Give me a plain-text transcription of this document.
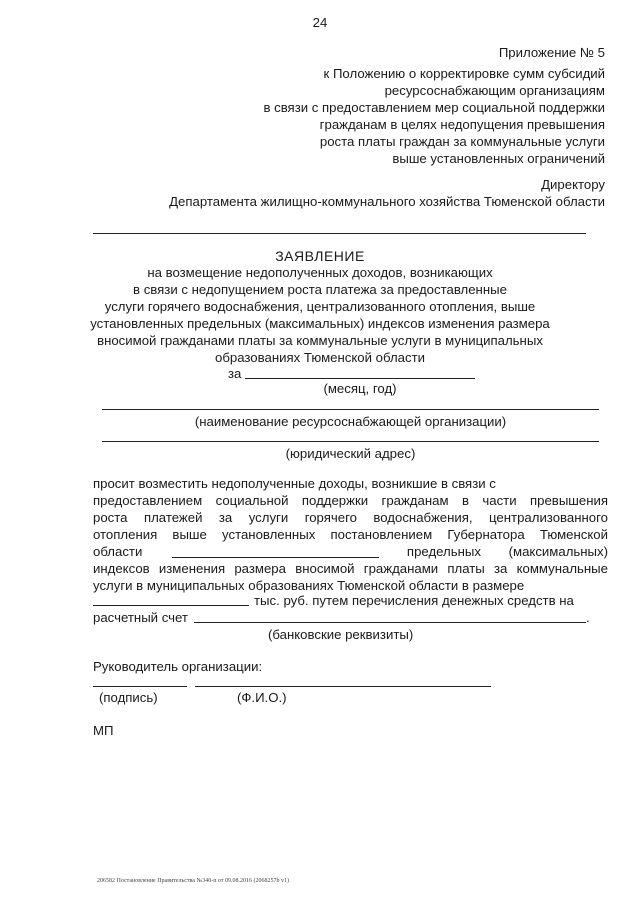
24
Приложение № 5
к Положению о корректировке сумм субсидий
ресурсоснабжающим организациям
в связи с предоставлением мер социальной поддержки
гражданам в целях недопущения превышения
роста платы граждан за коммунальные услуги
выше установленных ограничений
Директору
Департамента жилищно-коммунального хозяйства Тюменской области
ЗАЯВЛЕНИЕ
на возмещение недополученных доходов, возникающих
в связи с недопущением роста платежа за предоставленные
услуги горячего водоснабжения, централизованного отопления, выше
установленных предельных (максимальных) индексов изменения размера
вносимой гражданами платы за коммунальные услуги в муниципальных
образованиях Тюменской области
за
(месяц, год)
(наименование ресурсоснабжающей организации)
(юридический адрес)
просит возместить недополученные доходы, возникшие в связи с
предоставлением социальной поддержки гражданам в части превышения
роста платежей за услуги горячего водоснабжения, централизованного
отопления выше установленных постановлением Губернатора Тюменской
области	предельных (максимальных)
индексов изменения размера вносимой гражданами платы за коммунальные
услуги в муниципальных образованиях Тюменской области в размере
тыс. руб. путем перечисления денежных средств на
расчетный счет	.
(банковские реквизиты)
Руководитель организации:
(подпись)	(Ф.И.О.)
МП
206582 Постановление Правительства №340-п от 09.08.2016 (2068257b v1)
